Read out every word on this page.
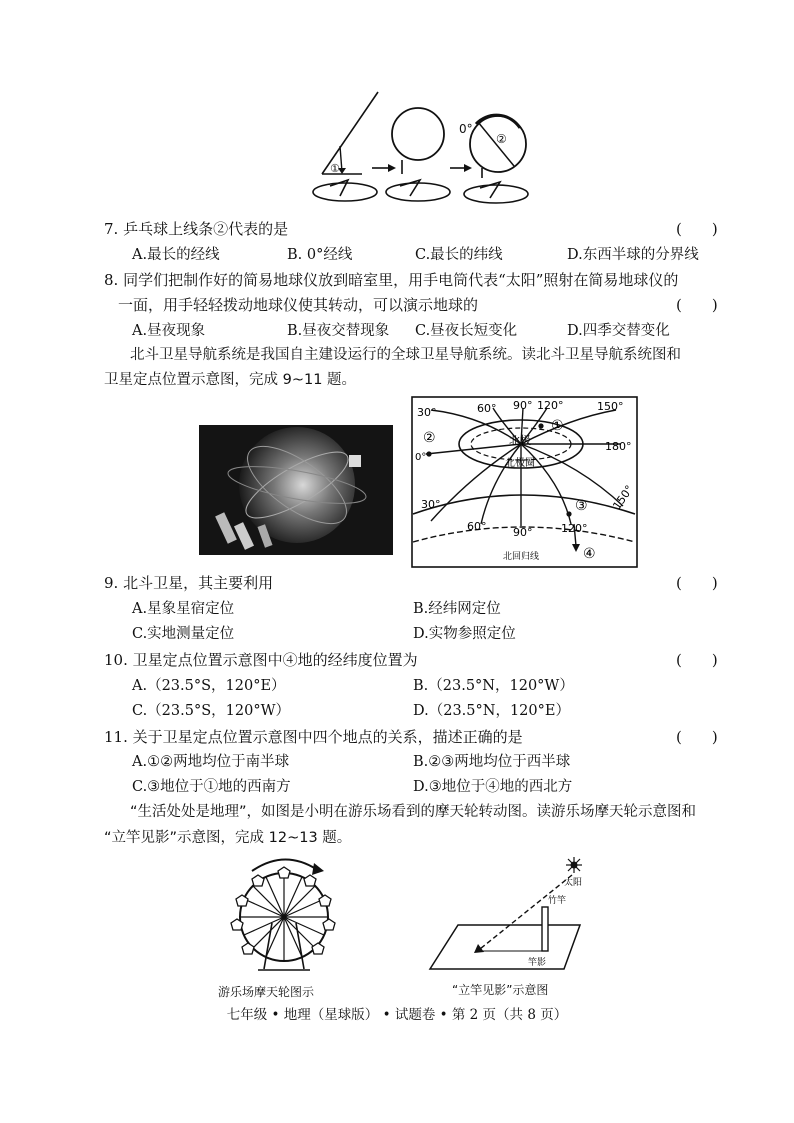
0°
②
①
7. 乒乓球上线条②代表的是	(　　)
A.最长的经线	B. 0°经线	C.最长的纬线	D.东西半球的分界线
8. 同学们把制作好的简易地球仪放到暗室里，用手电筒代表“太阳”照射在简易地球仪的
一面，用手轻轻拨动地球仪使其转动，可以演示地球的	(　　)
A.昼夜现象	B.昼夜交替现象 C.昼夜长短变化	D.四季交替变化
北斗卫星导航系统是我国自主建设运行的全球卫星导航系统。读北斗卫星导航系统图和
卫星定点位置示意图，完成 9~11 题。
30°	60° 90° 120°	150°
180°
0°
30°
60° 90°	120°
150°
北极
北极圈
北回归线
②
①
③
④
9. 北斗卫星，其主要利用	(　　)
A.星象星宿定位	B.经纬网定位
C.实地测量定位	D.实物参照定位
10. 卫星定点位置示意图中④地的经纬度位置为	(　　)
A.（23.5°S，120°E）	B.（23.5°N，120°W）
C.（23.5°S，120°W）	D.（23.5°N，120°E）
11. 关于卫星定点位置示意图中四个地点的关系，描述正确的是	(　　)
A.①②两地均位于南半球	B.②③两地均位于西半球
C.③地位于①地的西南方	D.③地位于④地的西北方
“生活处处是地理”，如图是小明在游乐场看到的摩天轮转动图。读游乐场摩天轮示意图和
“立竿见影”示意图，完成 12~13 题。
游乐场摩天轮图示
太阳
竹竿
竿影
“立竿见影”示意图
七年级 • 地理（星球版） • 试题卷 • 第 2 页（共 8 页）
